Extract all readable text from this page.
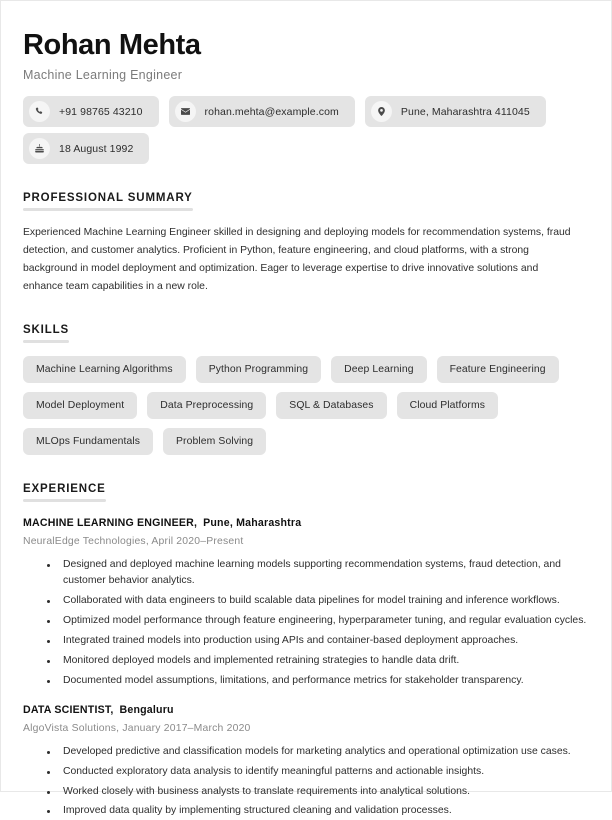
Rohan Mehta
Machine Learning Engineer
+91 98765 43210	rohan.mehta@example.com	Pune, Maharashtra 411045
18 August 1992
PROFESSIONAL SUMMARY

Experienced Machine Learning Engineer skilled in designing and deploying models for recommendation systems, fraud detection, and customer analytics. Proficient in Python, feature engineering, and cloud platforms, with a strong background in model deployment and optimization. Eager to leverage expertise to drive innovative solutions and enhance team capabilities in a new role.

SKILLS
Machine Learning Algorithms	Python Programming	Deep Learning	Feature Engineering
Model Deployment	Data Preprocessing	SQL & Databases	Cloud Platforms
MLOps Fundamentals	Problem Solving
EXPERIENCE
MACHINE LEARNING ENGINEER, Pune, Maharashtra
NeuralEdge Technologies, April 2020–Present
Designed and deployed machine learning models supporting recommendation systems, fraud detection, and customer behavior analytics.
Collaborated with data engineers to build scalable data pipelines for model training and inference workflows.
Optimized model performance through feature engineering, hyperparameter tuning, and regular evaluation cycles.
Integrated trained models into production using APIs and container-based deployment approaches.
Monitored deployed models and implemented retraining strategies to handle data drift.
Documented model assumptions, limitations, and performance metrics for stakeholder transparency.
DATA SCIENTIST, Bengaluru
AlgoVista Solutions, January 2017–March 2020
Developed predictive and classification models for marketing analytics and operational optimization use cases.
Conducted exploratory data analysis to identify meaningful patterns and actionable insights.
Worked closely with business analysts to translate requirements into analytical solutions.
Improved data quality by implementing structured cleaning and validation processes.
